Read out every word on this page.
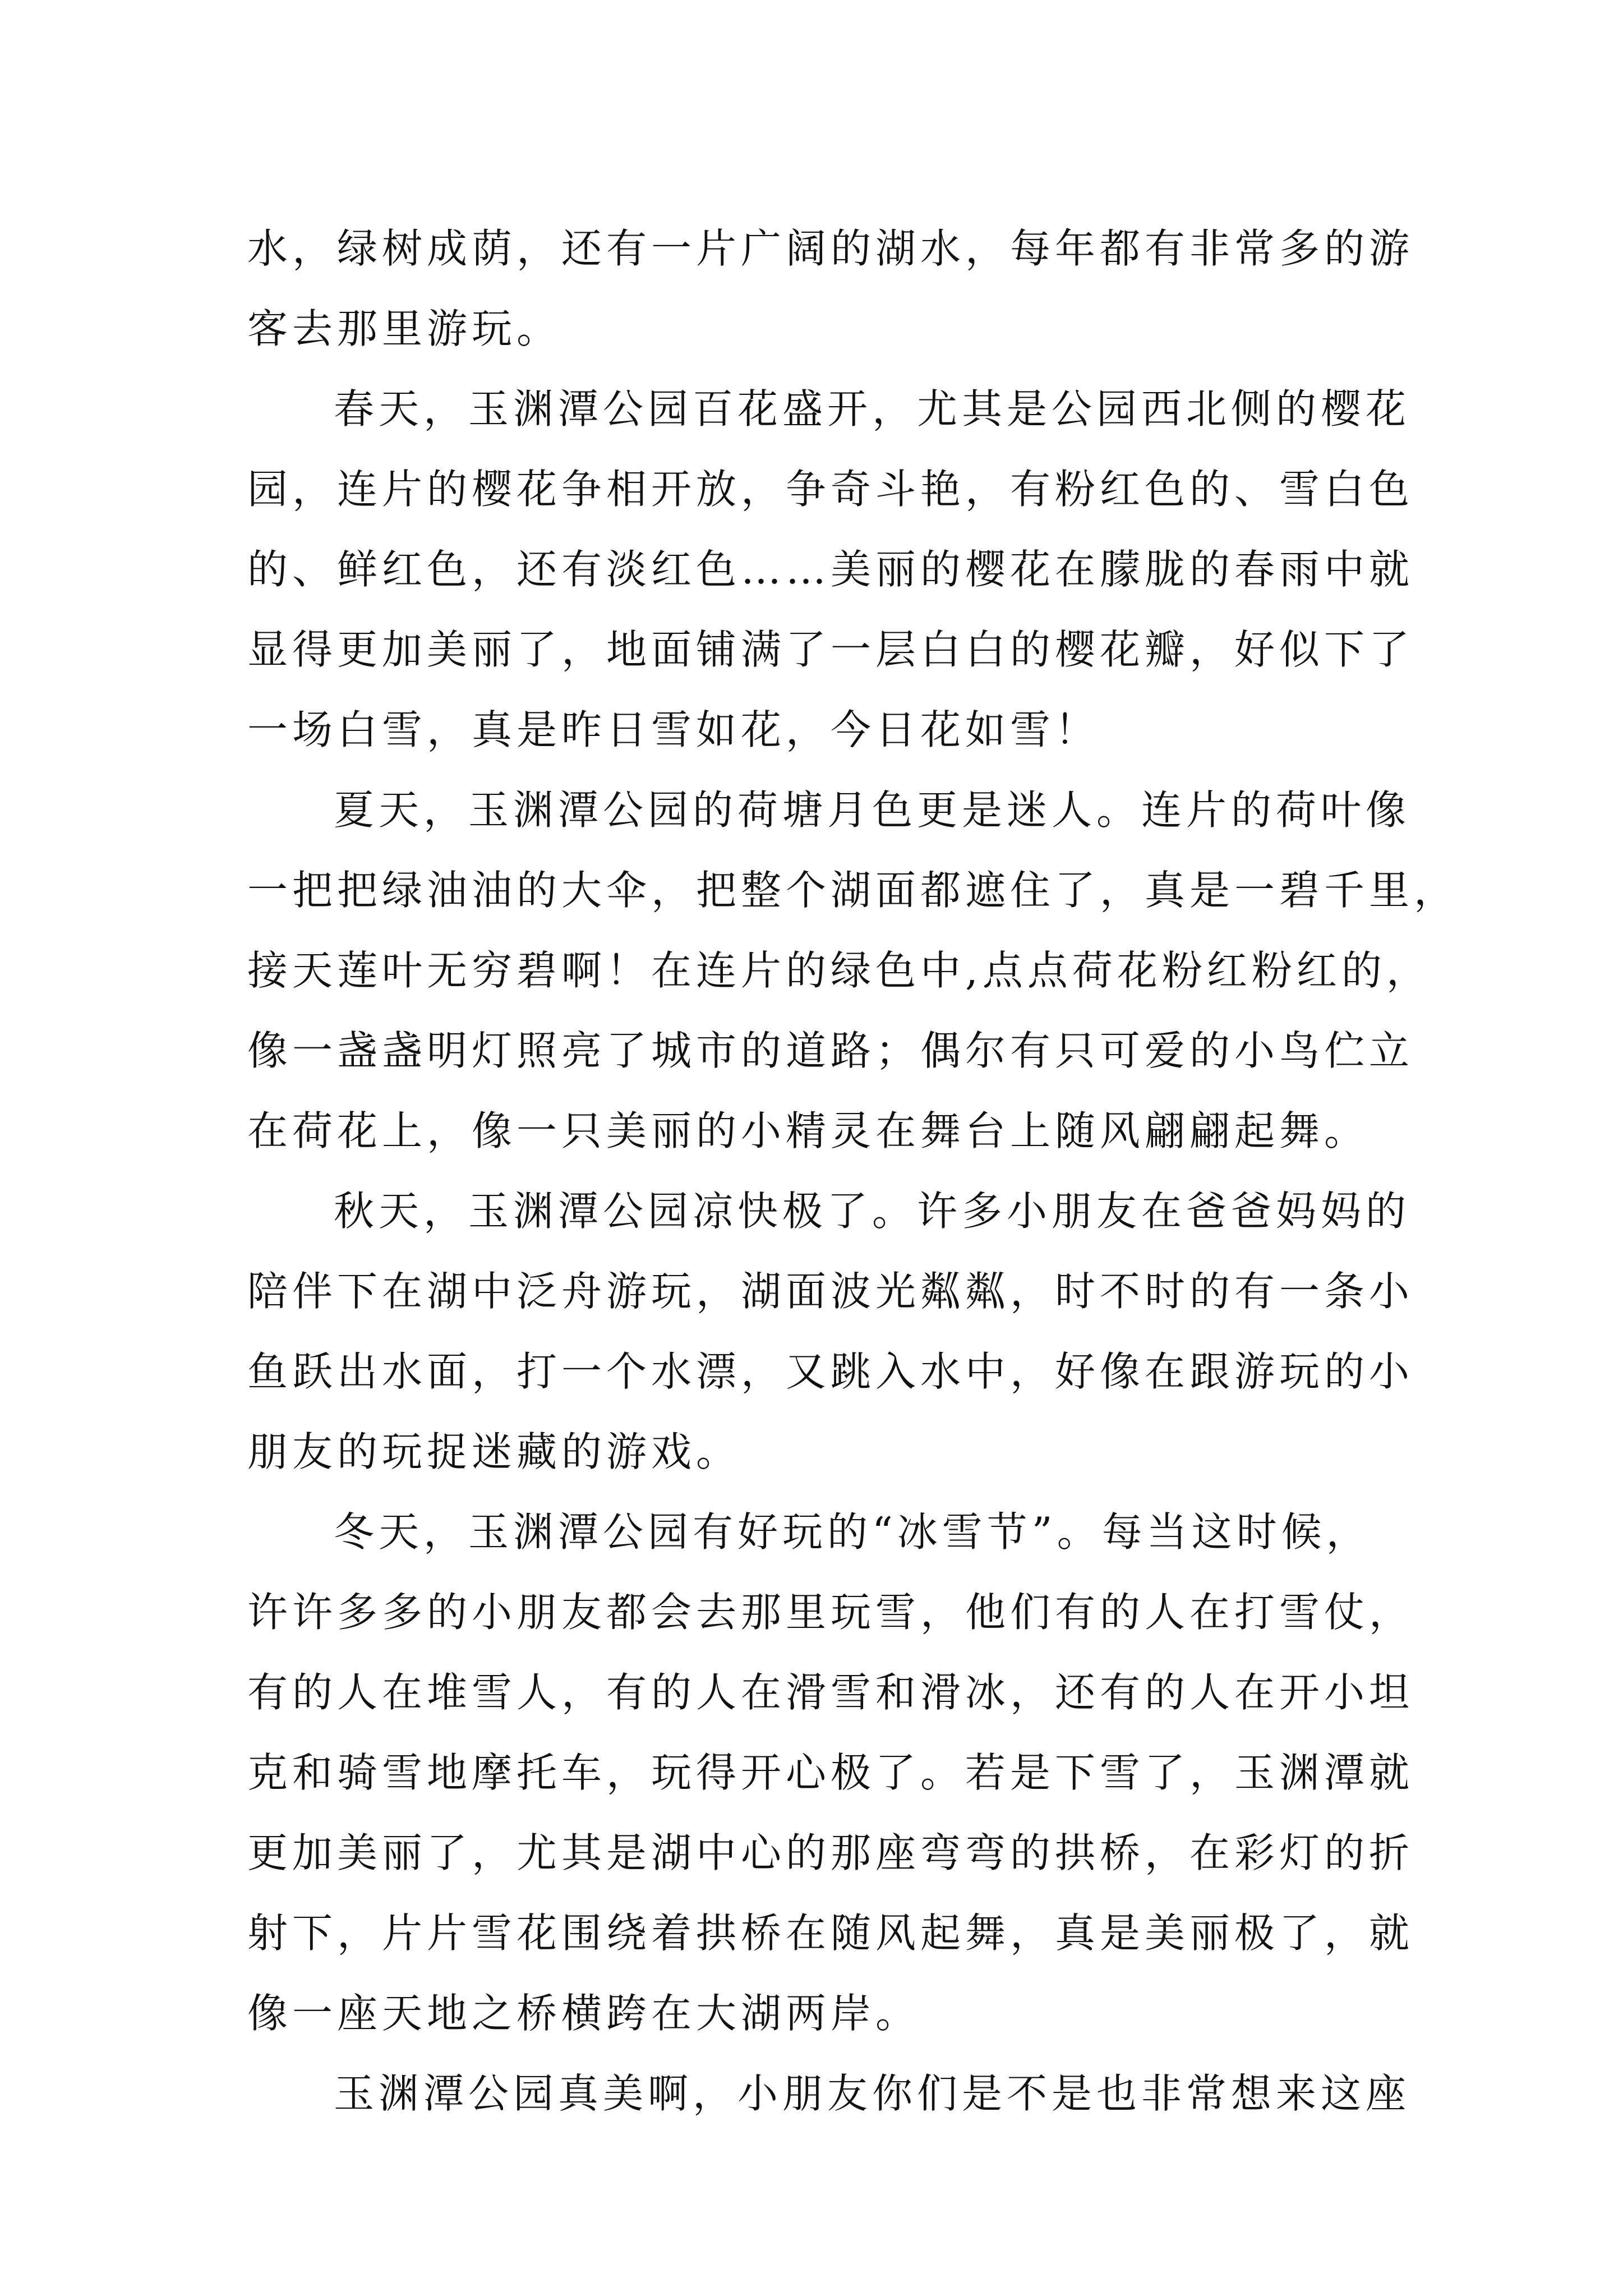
水，绿树成荫，还有一片广阔的湖水，每年都有非常多的游
客去那里游玩。
春天，玉渊潭公园百花盛开，尤其是公园西北侧的樱花
园，连片的樱花争相开放，争奇斗艳，有粉红色的、雪白色
的、鲜红色，还有淡红色……美丽的樱花在朦胧的春雨中就
显得更加美丽了，地面铺满了一层白白的樱花瓣，好似下了
一场白雪，真是昨日雪如花，今日花如雪！
夏天，玉渊潭公园的荷塘月色更是迷人。连片的荷叶像
一把把绿油油的大伞，把整个湖面都遮住了，真是一碧千里，
接天莲叶无穷碧啊！在连片的绿色中,点点荷花粉红粉红的，
像一盏盏明灯照亮了城市的道路；偶尔有只可爱的小鸟伫立
在荷花上，像一只美丽的小精灵在舞台上随风翩翩起舞。
秋天，玉渊潭公园凉快极了。许多小朋友在爸爸妈妈的
陪伴下在湖中泛舟游玩，湖面波光粼粼，时不时的有一条小
鱼跃出水面，打一个水漂，又跳入水中，好像在跟游玩的小
朋友的玩捉迷藏的游戏。
冬天，玉渊潭公园有好玩的“冰雪节”。每当这时候，
许许多多的小朋友都会去那里玩雪，他们有的人在打雪仗，
有的人在堆雪人，有的人在滑雪和滑冰，还有的人在开小坦
克和骑雪地摩托车，玩得开心极了。若是下雪了，玉渊潭就
更加美丽了，尤其是湖中心的那座弯弯的拱桥，在彩灯的折
射下，片片雪花围绕着拱桥在随风起舞，真是美丽极了，就
像一座天地之桥横跨在大湖两岸。
玉渊潭公园真美啊，小朋友你们是不是也非常想来这座
